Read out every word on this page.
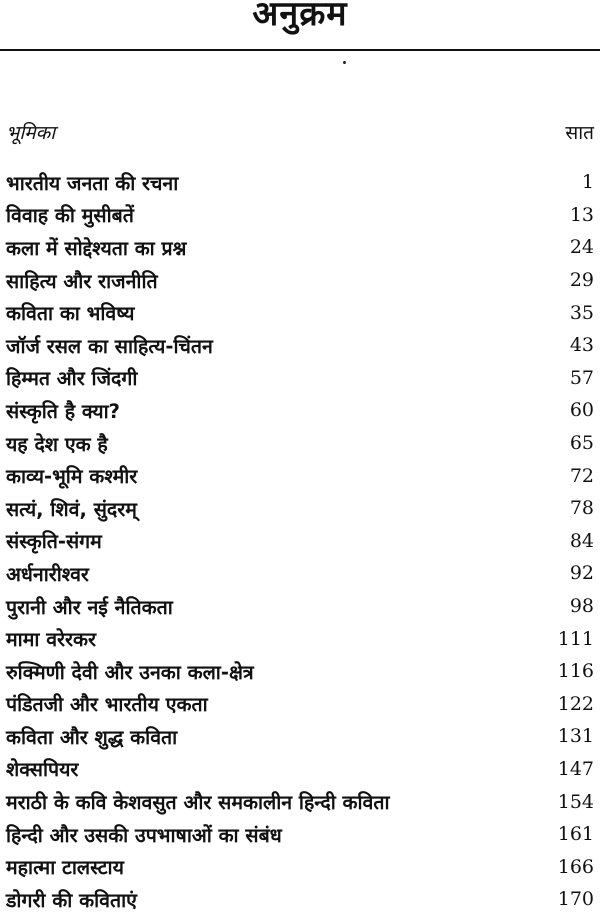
अनुक्रम
भूमिका	सात
भारतीय जनता की रचना	1
विवाह की मुसीबतें	13
कला में सोद्देश्यता का प्रश्न	24
साहित्य और राजनीति	29
कविता का भविष्य	35
जॉर्ज रसल का साहित्य-चिंतन	43
हिम्मत और जिंदगी	57
संस्कृति है क्या?	60
यह देश एक है	65
काव्य-भूमि कश्मीर	72
सत्यं, शिवं, सुंदरम्	78
संस्कृति-संगम	84
अर्धनारीश्वर	92
पुरानी और नई नैतिकता	98
मामा वरेरकर	111
रुक्मिणी देवी और उनका कला-क्षेत्र	116
पंडितजी और भारतीय एकता	122
कविता और शुद्ध कविता	131
शेक्सपियर	147
मराठी के कवि केशवसुत और समकालीन हिन्दी कविता	154
हिन्दी और उसकी उपभाषाओं का संबंध	161
महात्मा टालस्टाय	166
डोगरी की कविताएं	170
